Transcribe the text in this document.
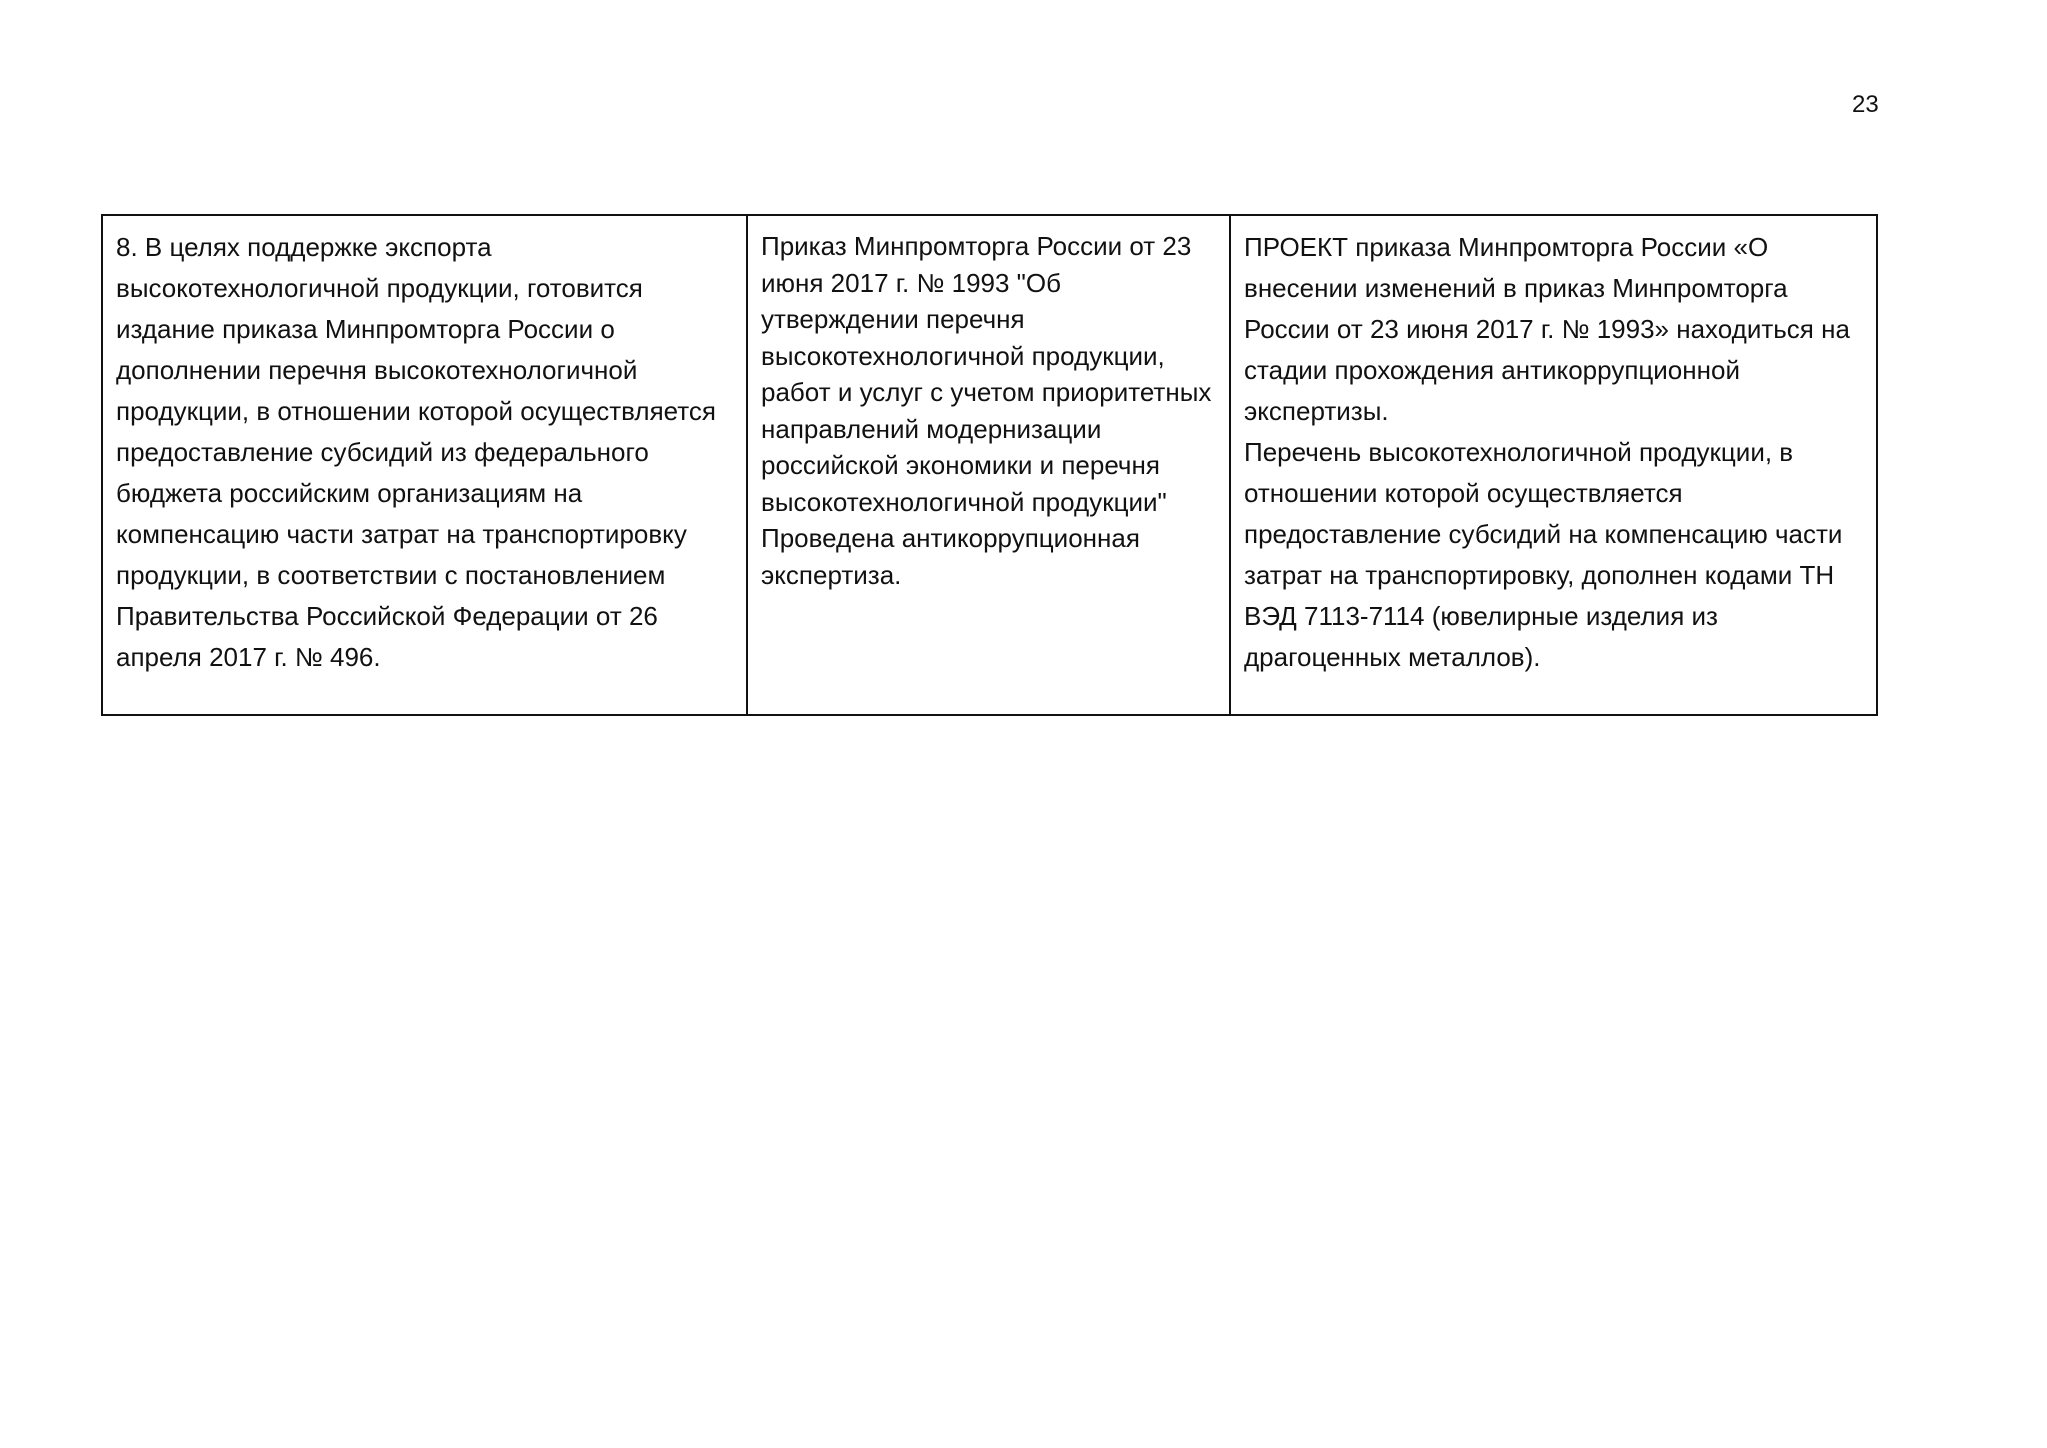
23

8. В целях поддержке экспорта высокотехнологичной продукции, готовится издание приказа Минпромторга России о дополнении перечня высокотехнологичной продукции, в отношении которой осуществляется предоставление субсидий из федерального бюджета российским организациям на компенсацию части затрат на транспортировку продукции, в соответствии с постановлением Правительства Российской Федерации от 26 апреля 2017 г. № 496.

Приказ Минпромторга России от 23 июня 2017 г. № 1993 "Об утверждении перечня высокотехнологичной продукции, работ и услуг с учетом приоритетных направлений модернизации российской экономики и перечня высокотехнологичной продукции" Проведена антикоррупционная экспертиза.

ПРОЕКТ приказа Минпромторга России «О внесении изменений в приказ Минпромторга России от 23 июня 2017 г. № 1993» находиться на стадии прохождения антикоррупционной экспертизы.

Перечень высокотехнологичной продукции, в отношении которой осуществляется предоставление субсидий на компенсацию части затрат на транспортировку, дополнен кодами ТН ВЭД 7113-7114 (ювелирные изделия из драгоценных металлов).
